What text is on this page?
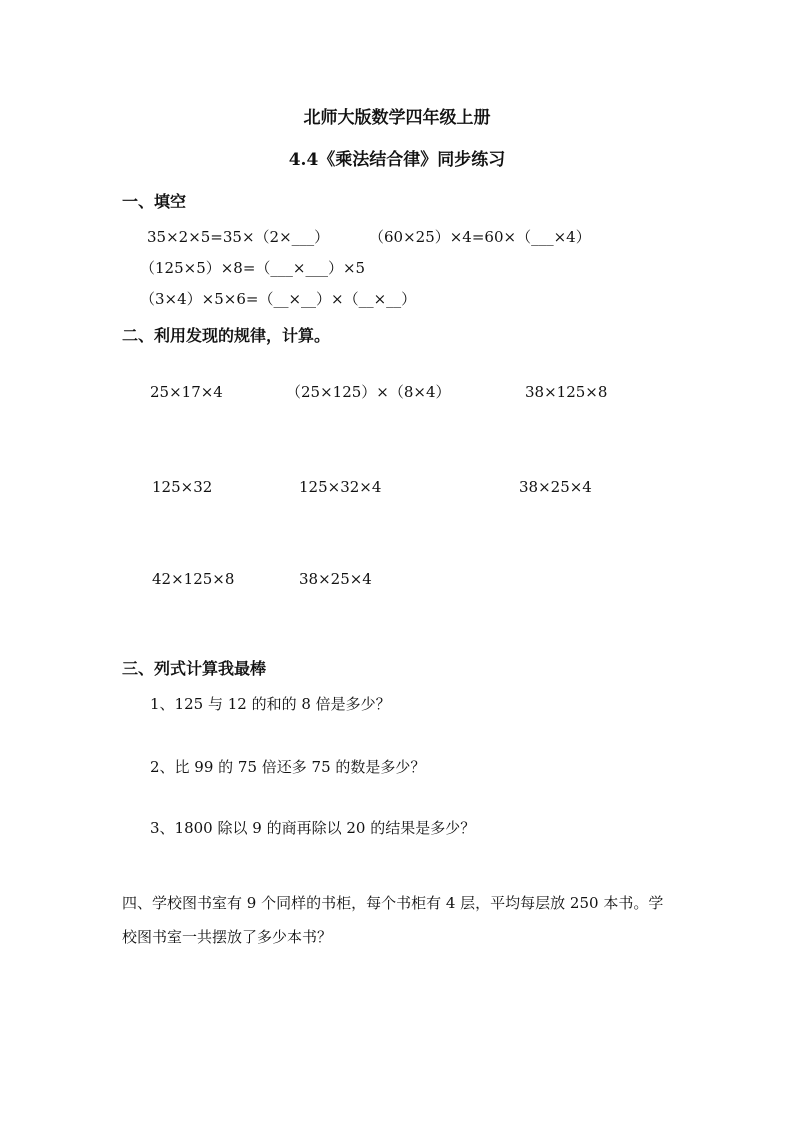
北师大版数学四年级上册
4.4《乘法结合律》同步练习
一、填空
35×2×5=35×（2×___）	（60×25）×4=60×（___×4）
（125×5）×8=（___×___）×5
（3×4）×5×6=（__×__）×（__×__）
二、利用发现的规律，计算。
25×17×4	（25×125）×（8×4）	38×125×8
125×32	125×32×4	38×25×4
42×125×8	38×25×4
三、列式计算我最棒
1、125 与 12 的和的 8 倍是多少？
2、比 99 的 75 倍还多 75 的数是多少？
3、1800 除以 9 的商再除以 20 的结果是多少？
四、学校图书室有 9 个同样的书柜，每个书柜有 4 层，平均每层放 250 本书。学
校图书室一共摆放了多少本书？
